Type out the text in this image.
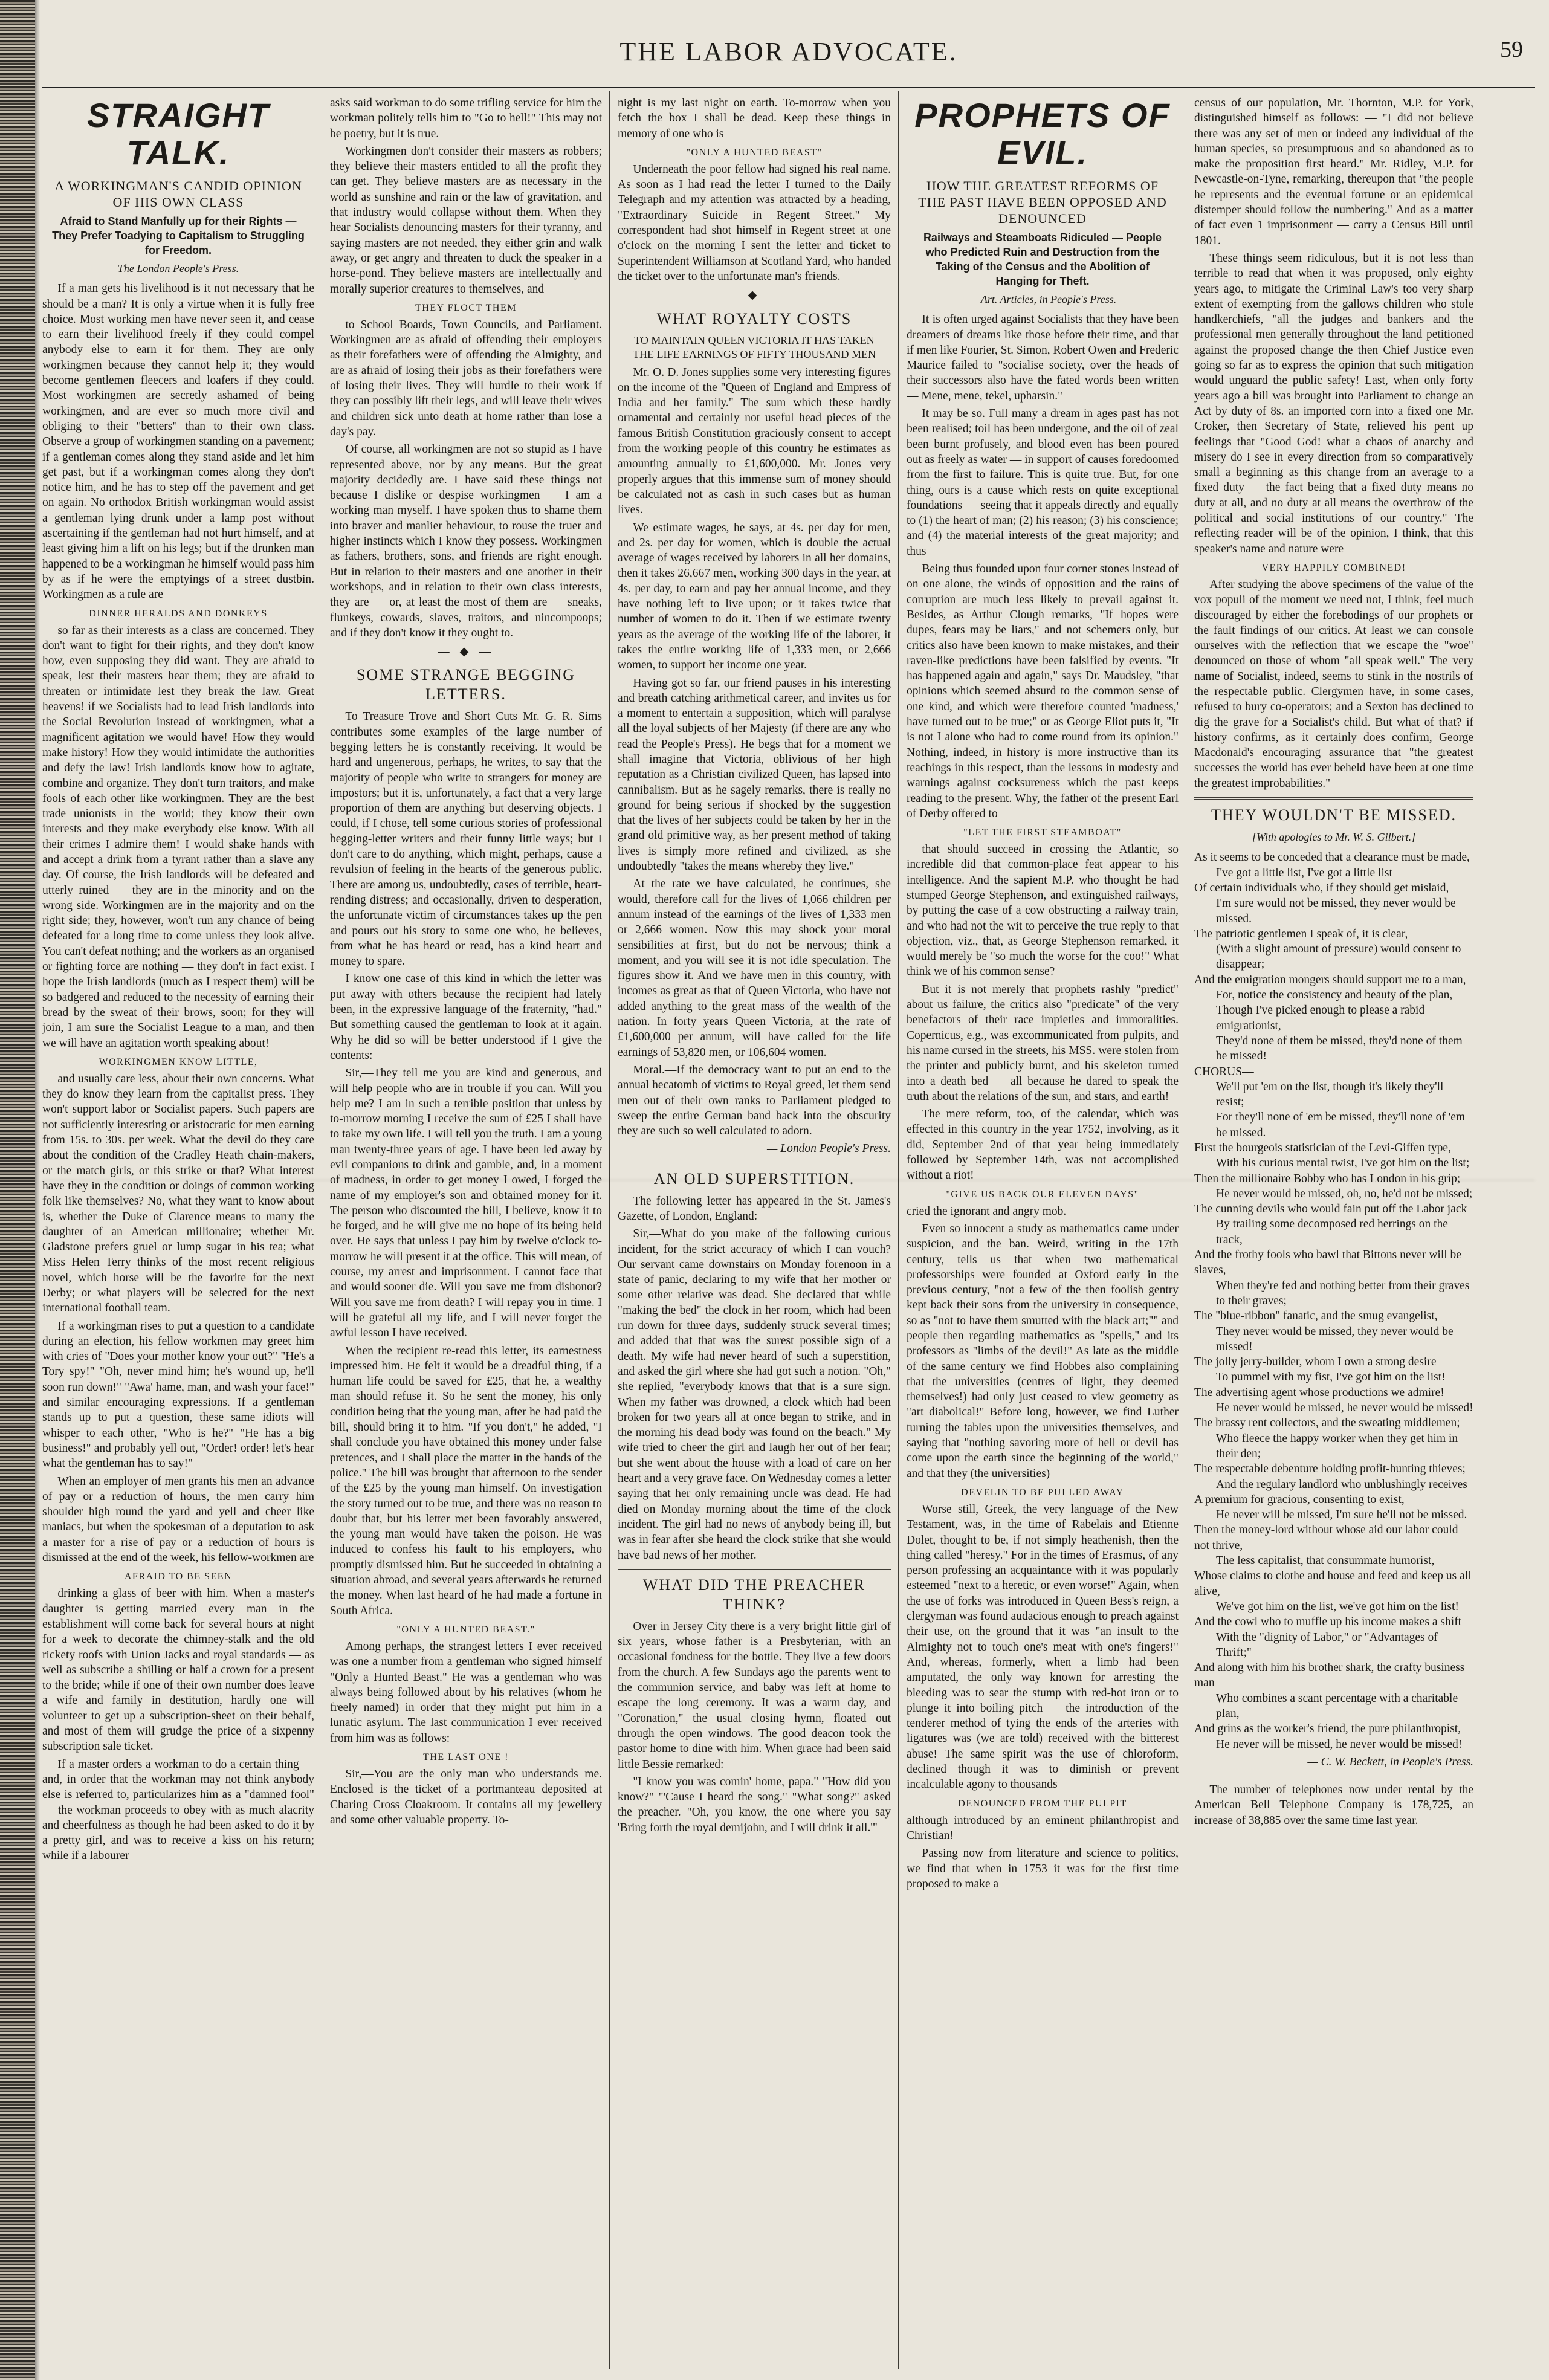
THE LABOR ADVOCATE.	59
STRAIGHT TALK.
A WORKINGMAN'S CANDID OPINION OF HIS OWN CLASS
Afraid to Stand Manfully up for their Rights — They Prefer Toadying to Capitalism to Struggling for Freedom.
The London People's Press.

If a man gets his livelihood is it not necessary that he should be a man? It is only a virtue when it is fully free choice. Most working men have never seen it, and cease to earn their livelihood freely if they could compel anybody else to earn it for them. They are only workingmen because they cannot help it; they would become gentlemen fleecers and loafers if they could. Most workingmen are secretly ashamed of being workingmen, and are ever so much more civil and obliging to their "betters" than to their own class. Observe a group of workingmen standing on a pavement; if a gentleman comes along they stand aside and let him get past, but if a workingman comes along they don't notice him, and he has to step off the pavement and get on again. No orthodox British workingman would assist a gentleman lying drunk under a lamp post without ascertaining if the gentleman had not hurt himself, and at least giving him a lift on his legs; but if the drunken man happened to be a workingman he himself would pass him by as if he were the emptyings of a street dustbin. Workingmen as a rule are

DINNER HERALDS AND DONKEYS

so far as their interests as a class are concerned. They don't want to fight for their rights, and they don't know how, even supposing they did want. They are afraid to speak, lest their masters hear them; they are afraid to threaten or intimidate lest they break the law. Great heavens! if we Socialists had to lead Irish landlords into the Social Revolution instead of workingmen, what a magnificent agitation we would have! How they would make history! How they would intimidate the authorities and defy the law! Irish landlords know how to agitate, combine and organize. They don't turn traitors, and make fools of each other like workingmen. They are the best trade unionists in the world; they know their own interests and they make everybody else know. With all their crimes I admire them! I would shake hands with and accept a drink from a tyrant rather than a slave any day. Of course, the Irish landlords will be defeated and utterly ruined — they are in the minority and on the wrong side. Workingmen are in the majority and on the right side; they, however, won't run any chance of being defeated for a long time to come unless they look alive. You can't defeat nothing; and the workers as an organised or fighting force are nothing — they don't in fact exist. I hope the Irish landlords (much as I respect them) will be so badgered and reduced to the necessity of earning their bread by the sweat of their brows, soon; for they will join, I am sure the Socialist League to a man, and then we will have an agitation worth speaking about!

WORKINGMEN KNOW LITTLE,

and usually care less, about their own concerns. What they do know they learn from the capitalist press. They won't support labor or Socialist papers. Such papers are not sufficiently interesting or aristocratic for men earning from 15s. to 30s. per week. What the devil do they care about the condition of the Cradley Heath chain-makers, or the match girls, or this strike or that? What interest have they in the condition or doings of common working folk like themselves? No, what they want to know about is, whether the Duke of Clarence means to marry the daughter of an American millionaire; whether Mr. Gladstone prefers gruel or lump sugar in his tea; what Miss Helen Terry thinks of the most recent religious novel, which horse will be the favorite for the next Derby; or what players will be selected for the next international football team.

If a workingman rises to put a question to a candidate during an election, his fellow workmen may greet him with cries of "Does your mother know your out?" "He's a Tory spy!" "Oh, never mind him; he's wound up, he'll soon run down!" "Awa' hame, man, and wash your face!" and similar encouraging expressions. If a gentleman stands up to put a question, these same idiots will whisper to each other, "Who is he?" "He has a big business!" and probably yell out, "Order! order! let's hear what the gentleman has to say!"

When an employer of men grants his men an advance of pay or a reduction of hours, the men carry him shoulder high round the yard and yell and cheer like maniacs, but when the spokesman of a deputation to ask a master for a rise of pay or a reduction of hours is dismissed at the end of the week, his fellow-workmen are

AFRAID TO BE SEEN

drinking a glass of beer with him. When a master's daughter is getting married every man in the establishment will come back for several hours at night for a week to decorate the chimney-stalk and the old rickety roofs with Union Jacks and royal standards — as well as subscribe a shilling or half a crown for a present to the bride; while if one of their own number does leave a wife and family in destitution, hardly one will volunteer to get up a subscription-sheet on their behalf, and most of them will grudge the price of a sixpenny subscription sale ticket.

If a master orders a workman to do a certain thing — and, in order that the workman may not think anybody else is referred to, particularizes him as a "damned fool" — the workman proceeds to obey with as much alacrity and cheerfulness as though he had been asked to do it by a pretty girl, and was to receive a kiss on his return; while if a labourer

asks said workman to do some trifling service for him the workman politely tells him to "Go to hell!" This may not be poetry, but it is true.

Workingmen don't consider their masters as robbers; they believe their masters entitled to all the profit they can get. They believe masters are as necessary in the world as sunshine and rain or the law of gravitation, and that industry would collapse without them. When they hear Socialists denouncing masters for their tyranny, and saying masters are not needed, they either grin and walk away, or get angry and threaten to duck the speaker in a horse-pond. They believe masters are intellectually and morally superior creatures to themselves, and

THEY FLOCT THEM

to School Boards, Town Councils, and Parliament. Workingmen are as afraid of offending their employers as their forefathers were of offending the Almighty, and are as afraid of losing their jobs as their forefathers were of losing their lives. They will hurdle to their work if they can possibly lift their legs, and will leave their wives and children sick unto death at home rather than lose a day's pay.

Of course, all workingmen are not so stupid as I have represented above, nor by any means. But the great majority decidedly are. I have said these things not because I dislike or despise workingmen — I am a working man myself. I have spoken thus to shame them into braver and manlier behaviour, to rouse the truer and higher instincts which I know they possess. Workingmen as fathers, brothers, sons, and friends are right enough. But in relation to their masters and one another in their workshops, and in relation to their own class interests, they are — or, at least the most of them are — sneaks, flunkeys, cowards, slaves, traitors, and nincompoops; and if they don't know it they ought to.

— ◆ —
SOME STRANGE BEGGING LETTERS.

To Treasure Trove and Short Cuts Mr. G. R. Sims contributes some examples of the large number of begging letters he is constantly receiving. It would be hard and ungenerous, perhaps, he writes, to say that the majority of people who write to strangers for money are impostors; but it is, unfortunately, a fact that a very large proportion of them are anything but deserving objects. I could, if I chose, tell some curious stories of professional begging-letter writers and their funny little ways; but I don't care to do anything, which might, perhaps, cause a revulsion of feeling in the hearts of the generous public. There are among us, undoubtedly, cases of terrible, heart-rending distress; and occasionally, driven to desperation, the unfortunate victim of circumstances takes up the pen and pours out his story to some one who, he believes, from what he has heard or read, has a kind heart and money to spare.

I know one case of this kind in which the letter was put away with others because the recipient had lately been, in the expressive language of the fraternity, "had." But something caused the gentleman to look at it again. Why he did so will be better understood if I give the contents:—

Sir,—They tell me you are kind and generous, and will help people who are in trouble if you can. Will you help me? I am in such a terrible position that unless by to-morrow morning I receive the sum of £25 I shall have to take my own life. I will tell you the truth. I am a young man twenty-three years of age. I have been led away by evil companions to drink and gamble, and, in a moment of madness, in order to get money I owed, I forged the name of my employer's son and obtained money for it. The person who discounted the bill, I believe, know it to be forged, and he will give me no hope of its being held over. He says that unless I pay him by twelve o'clock to-morrow he will present it at the office. This will mean, of course, my arrest and imprisonment. I cannot face that and would sooner die. Will you save me from dishonor? Will you save me from death? I will repay you in time. I will be grateful all my life, and I will never forget the awful lesson I have received.

When the recipient re-read this letter, its earnestness impressed him. He felt it would be a dreadful thing, if a human life could be saved for £25, that he, a wealthy man should refuse it. So he sent the money, his only condition being that the young man, after he had paid the bill, should bring it to him. "If you don't," he added, "I shall conclude you have obtained this money under false pretences, and I shall place the matter in the hands of the police." The bill was brought that afternoon to the sender of the £25 by the young man himself. On investigation the story turned out to be true, and there was no reason to doubt that, but his letter met been favorably answered, the young man would have taken the poison. He was induced to confess his fault to his employers, who promptly dismissed him. But he succeeded in obtaining a situation abroad, and several years afterwards he returned the money. When last heard of he had made a fortune in South Africa.

"ONLY A HUNTED BEAST."

Among perhaps, the strangest letters I ever received was one a number from a gentleman who signed himself "Only a Hunted Beast." He was a gentleman who was always being followed about by his relatives (whom he freely named) in order that they might put him in a lunatic asylum. The last communication I ever received from him was as follows:—

THE LAST ONE !

Sir,—You are the only man who understands me. Enclosed is the ticket of a portmanteau deposited at Charing Cross Cloakroom. It contains all my jewellery and some other valuable property. To-

night is my last night on earth. To-morrow when you fetch the box I shall be dead. Keep these things in memory of one who is

"ONLY A HUNTED BEAST"

Underneath the poor fellow had signed his real name. As soon as I had read the letter I turned to the Daily Telegraph and my attention was attracted by a heading, "Extraordinary Suicide in Regent Street." My correspondent had shot himself in Regent street at one o'clock on the morning I sent the letter and ticket to Superintendent Williamson at Scotland Yard, who handed the ticket over to the unfortunate man's friends.

— ◆ —
WHAT ROYALTY COSTS
TO MAINTAIN QUEEN VICTORIA IT HAS TAKEN THE LIFE EARNINGS OF FIFTY THOUSAND MEN

Mr. O. D. Jones supplies some very interesting figures on the income of the "Queen of England and Empress of India and her family." The sum which these hardly ornamental and certainly not useful head pieces of the famous British Constitution graciously consent to accept from the working people of this country he estimates as amounting annually to £1,600,000. Mr. Jones very properly argues that this immense sum of money should be calculated not as cash in such cases but as human lives.

We estimate wages, he says, at 4s. per day for men, and 2s. per day for women, which is double the actual average of wages received by laborers in all her domains, then it takes 26,667 men, working 300 days in the year, at 4s. per day, to earn and pay her annual income, and they have nothing left to live upon; or it takes twice that number of women to do it. Then if we estimate twenty years as the average of the working life of the laborer, it takes the entire working life of 1,333 men, or 2,666 women, to support her income one year.

Having got so far, our friend pauses in his interesting and breath catching arithmetical career, and invites us for a moment to entertain a supposition, which will paralyse all the loyal subjects of her Majesty (if there are any who read the People's Press). He begs that for a moment we shall imagine that Victoria, oblivious of her high reputation as a Christian civilized Queen, has lapsed into cannibalism. But as he sagely remarks, there is really no ground for being serious if shocked by the suggestion that the lives of her subjects could be taken by her in the grand old primitive way, as her present method of taking lives is simply more refined and civilized, as she undoubtedly "takes the means whereby they live."

At the rate we have calculated, he continues, she would, therefore call for the lives of 1,066 children per annum instead of the earnings of the lives of 1,333 men or 2,666 women. Now this may shock your moral sensibilities at first, but do not be nervous; think a moment, and you will see it is not idle speculation. The figures show it. And we have men in this country, with incomes as great as that of Queen Victoria, who have not added anything to the great mass of the wealth of the nation. In forty years Queen Victoria, at the rate of £1,600,000 per annum, will have called for the life earnings of 53,820 men, or 106,604 women.

Moral.—If the democracy want to put an end to the annual hecatomb of victims to Royal greed, let them send men out of their own ranks to Parliament pledged to sweep the entire German band back into the obscurity they are such so well calculated to adorn.

— London People's Press.
AN OLD SUPERSTITION.

The following letter has appeared in the St. James's Gazette, of London, England:

Sir,—What do you make of the following curious incident, for the strict accuracy of which I can vouch? Our servant came downstairs on Monday forenoon in a state of panic, declaring to my wife that her mother or some other relative was dead. She declared that while "making the bed" the clock in her room, which had been run down for three days, suddenly struck several times; and added that that was the surest possible sign of a death. My wife had never heard of such a superstition, and asked the girl where she had got such a notion. "Oh," she replied, "everybody knows that that is a sure sign. When my father was drowned, a clock which had been broken for two years all at once began to strike, and in the morning his dead body was found on the beach." My wife tried to cheer the girl and laugh her out of her fear; but she went about the house with a load of care on her heart and a very grave face. On Wednesday comes a letter saying that her only remaining uncle was dead. He had died on Monday morning about the time of the clock incident. The girl had no news of anybody being ill, but was in fear after she heard the clock strike that she would have bad news of her mother.

WHAT DID THE PREACHER THINK?

Over in Jersey City there is a very bright little girl of six years, whose father is a Presbyterian, with an occasional fondness for the bottle. They live a few doors from the church. A few Sundays ago the parents went to the communion service, and baby was left at home to escape the long ceremony. It was a warm day, and "Coronation," the usual closing hymn, floated out through the open windows. The good deacon took the pastor home to dine with him. When grace had been said little Bessie remarked:

"I know you was comin' home, papa." "How did you know?" "'Cause I heard the song." "What song?" asked the preacher. "Oh, you know, the one where you say 'Bring forth the royal demijohn, and I will drink it all.'"

PROPHETS OF EVIL.
HOW THE GREATEST REFORMS OF THE PAST HAVE BEEN OPPOSED AND DENOUNCED
Railways and Steamboats Ridiculed — People who Predicted Ruin and Destruction from the Taking of the Census and the Abolition of Hanging for Theft.
— Art. Articles, in People's Press.

It is often urged against Socialists that they have been dreamers of dreams like those before their time, and that if men like Fourier, St. Simon, Robert Owen and Frederic Maurice failed to "socialise society, over the heads of their successors also have the fated words been written — Mene, mene, tekel, upharsin."

It may be so. Full many a dream in ages past has not been realised; toil has been undergone, and the oil of zeal been burnt profusely, and blood even has been poured out as freely as water — in support of causes foredoomed from the first to failure. This is quite true. But, for one thing, ours is a cause which rests on quite exceptional foundations — seeing that it appeals directly and equally to (1) the heart of man; (2) his reason; (3) his conscience; and (4) the material interests of the great majority; and thus

Being thus founded upon four corner stones instead of on one alone, the winds of opposition and the rains of corruption are much less likely to prevail against it. Besides, as Arthur Clough remarks, "If hopes were dupes, fears may be liars," and not schemers only, but critics also have been known to make mistakes, and their raven-like predictions have been falsified by events. "It has happened again and again," says Dr. Maudsley, "that opinions which seemed absurd to the common sense of one kind, and which were therefore counted 'madness,' have turned out to be true;" or as George Eliot puts it, "It is not I alone who had to come round from its opinion." Nothing, indeed, in history is more instructive than its teachings in this respect, than the lessons in modesty and warnings against cocksureness which the past keeps reading to the present. Why, the father of the present Earl of Derby offered to

"LET THE FIRST STEAMBOAT"

that should succeed in crossing the Atlantic, so incredible did that common-place feat appear to his intelligence. And the sapient M.P. who thought he had stumped George Stephenson, and extinguished railways, by putting the case of a cow obstructing a railway train, and who had not the wit to perceive the true reply to that objection, viz., that, as George Stephenson remarked, it would merely be "so much the worse for the coo!" What think we of his common sense?

But it is not merely that prophets rashly "predict" about us failure, the critics also "predicate" of the very benefactors of their race impieties and immoralities. Copernicus, e.g., was excommunicated from pulpits, and his name cursed in the streets, his MSS. were stolen from the printer and publicly burnt, and his skeleton turned into a death bed — all because he dared to speak the truth about the relations of the sun, and stars, and earth!

The mere reform, too, of the calendar, which was effected in this country in the year 1752, involving, as it did, September 2nd of that year being immediately followed by September 14th, was not accomplished without a riot!

"GIVE US BACK OUR ELEVEN DAYS"

cried the ignorant and angry mob.

Even so innocent a study as mathematics came under suspicion, and the ban. Weird, writing in the 17th century, tells us that when two mathematical professorships were founded at Oxford early in the previous century, "not a few of the then foolish gentry kept back their sons from the university in consequence, so as "not to have them smutted with the black art;"" and people then regarding mathematics as "spells," and its professors as "limbs of the devil!" As late as the middle of the same century we find Hobbes also complaining that the universities (centres of light, they deemed themselves!) had only just ceased to view geometry as "art diabolical!" Before long, however, we find Luther turning the tables upon the universities themselves, and saying that "nothing savoring more of hell or devil has come upon the earth since the beginning of the world," and that they (the universities)

DEVELIN TO BE PULLED AWAY

Worse still, Greek, the very language of the New Testament, was, in the time of Rabelais and Etienne Dolet, thought to be, if not simply heathenish, then the thing called "heresy." For in the times of Erasmus, of any person professing an acquaintance with it was popularly esteemed "next to a heretic, or even worse!" Again, when the use of forks was introduced in Queen Bess's reign, a clergyman was found audacious enough to preach against their use, on the ground that it was "an insult to the Almighty not to touch one's meat with one's fingers!" And, whereas, formerly, when a limb had been amputated, the only way known for arresting the bleeding was to sear the stump with red-hot iron or to plunge it into boiling pitch — the introduction of the tenderer method of tying the ends of the arteries with ligatures was (we are told) received with the bitterest abuse! The same spirit was the use of chloroform, declined though it was to diminish or prevent incalculable agony to thousands

DENOUNCED FROM THE PULPIT

although introduced by an eminent philanthropist and Christian!

Passing now from literature and science to politics, we find that when in 1753 it was for the first time proposed to make a

census of our population, Mr. Thornton, M.P. for York, distinguished himself as follows: — "I did not believe there was any set of men or indeed any individual of the human species, so presumptuous and so abandoned as to make the proposition first heard." Mr. Ridley, M.P. for Newcastle-on-Tyne, remarking, thereupon that "the people he represents and the eventual fortune or an epidemical distemper should follow the numbering." And as a matter of fact even 1 imprisonment — carry a Census Bill until 1801.

These things seem ridiculous, but it is not less than terrible to read that when it was proposed, only eighty years ago, to mitigate the Criminal Law's too very sharp extent of exempting from the gallows children who stole handkerchiefs, "all the judges and bankers and the professional men generally throughout the land petitioned against the proposed change the then Chief Justice even going so far as to express the opinion that such mitigation would unguard the public safety! Last, when only forty years ago a bill was brought into Parliament to change an Act by duty of 8s. an imported corn into a fixed one Mr. Croker, then Secretary of State, relieved his pent up feelings that "Good God! what a chaos of anarchy and misery do I see in every direction from so comparatively small a beginning as this change from an average to a fixed duty — the fact being that a fixed duty means no duty at all, and no duty at all means the overthrow of the political and social institutions of our country." The reflecting reader will be of the opinion, I think, that this speaker's name and nature were

VERY HAPPILY COMBINED!

After studying the above specimens of the value of the vox populi of the moment we need not, I think, feel much discouraged by either the forebodings of our prophets or the fault findings of our critics. At least we can console ourselves with the reflection that we escape the "woe" denounced on those of whom "all speak well." The very name of Socialist, indeed, seems to stink in the nostrils of the respectable public. Clergymen have, in some cases, refused to bury co-operators; and a Sexton has declined to dig the grave for a Socialist's child. But what of that? if history confirms, as it certainly does confirm, George Macdonald's encouraging assurance that "the greatest successes the world has ever beheld have been at one time the greatest improbabilities."

THEY WOULDN'T BE MISSED.
[With apologies to Mr. W. S. Gilbert.]

As it seems to be conceded that a clearance must be made,

I've got a little list, I've got a little list

Of certain individuals who, if they should get mislaid,

I'm sure would not be missed, they never would be missed.

The patriotic gentlemen I speak of, it is clear,

(With a slight amount of pressure) would consent to disappear;

And the emigration mongers should support me to a man,

For, notice the consistency and beauty of the plan,

Though I've picked enough to please a rabid emigrationist,

They'd none of them be missed, they'd none of them be missed!

CHORUS—

We'll put 'em on the list, though it's likely they'll resist;

For they'll none of 'em be missed, they'll none of 'em be missed.

First the bourgeois statistician of the Levi-Giffen type,

With his curious mental twist, I've got him on the list;

Then the millionaire Bobby who has London in his grip;

He never would be missed, oh, no, he'd not be missed;

The cunning devils who would fain put off the Labor jack

By trailing some decomposed red herrings on the track,

And the frothy fools who bawl that Bittons never will be slaves,

When they're fed and nothing better from their graves to their graves;

The "blue-ribbon" fanatic, and the smug evangelist,

They never would be missed, they never would be missed!

The jolly jerry-builder, whom I own a strong desire

To pummel with my fist, I've got him on the list!

The advertising agent whose productions we admire!

He never would be missed, he never would be missed!

The brassy rent collectors, and the sweating middlemen;

Who fleece the happy worker when they get him in their den;

The respectable debenture holding profit-hunting thieves;

And the regulary landlord who unblushingly receives

A premium for gracious, consenting to exist,

He never will be missed, I'm sure he'll not be missed.

Then the money-lord without whose aid our labor could not thrive,

The less capitalist, that consummate humorist,

Whose claims to clothe and house and feed and keep us all alive,

We've got him on the list, we've got him on the list!

And the cowl who to muffle up his income makes a shift

With the "dignity of Labor," or "Advantages of Thrift;"

And along with him his brother shark, the crafty business man

Who combines a scant percentage with a charitable plan,

And grins as the worker's friend, the pure philanthropist,

He never will be missed, he never would be missed!

— C. W. Beckett, in People's Press.

The number of telephones now under rental by the American Bell Telephone Company is 178,725, an increase of 38,885 over the same time last year.
